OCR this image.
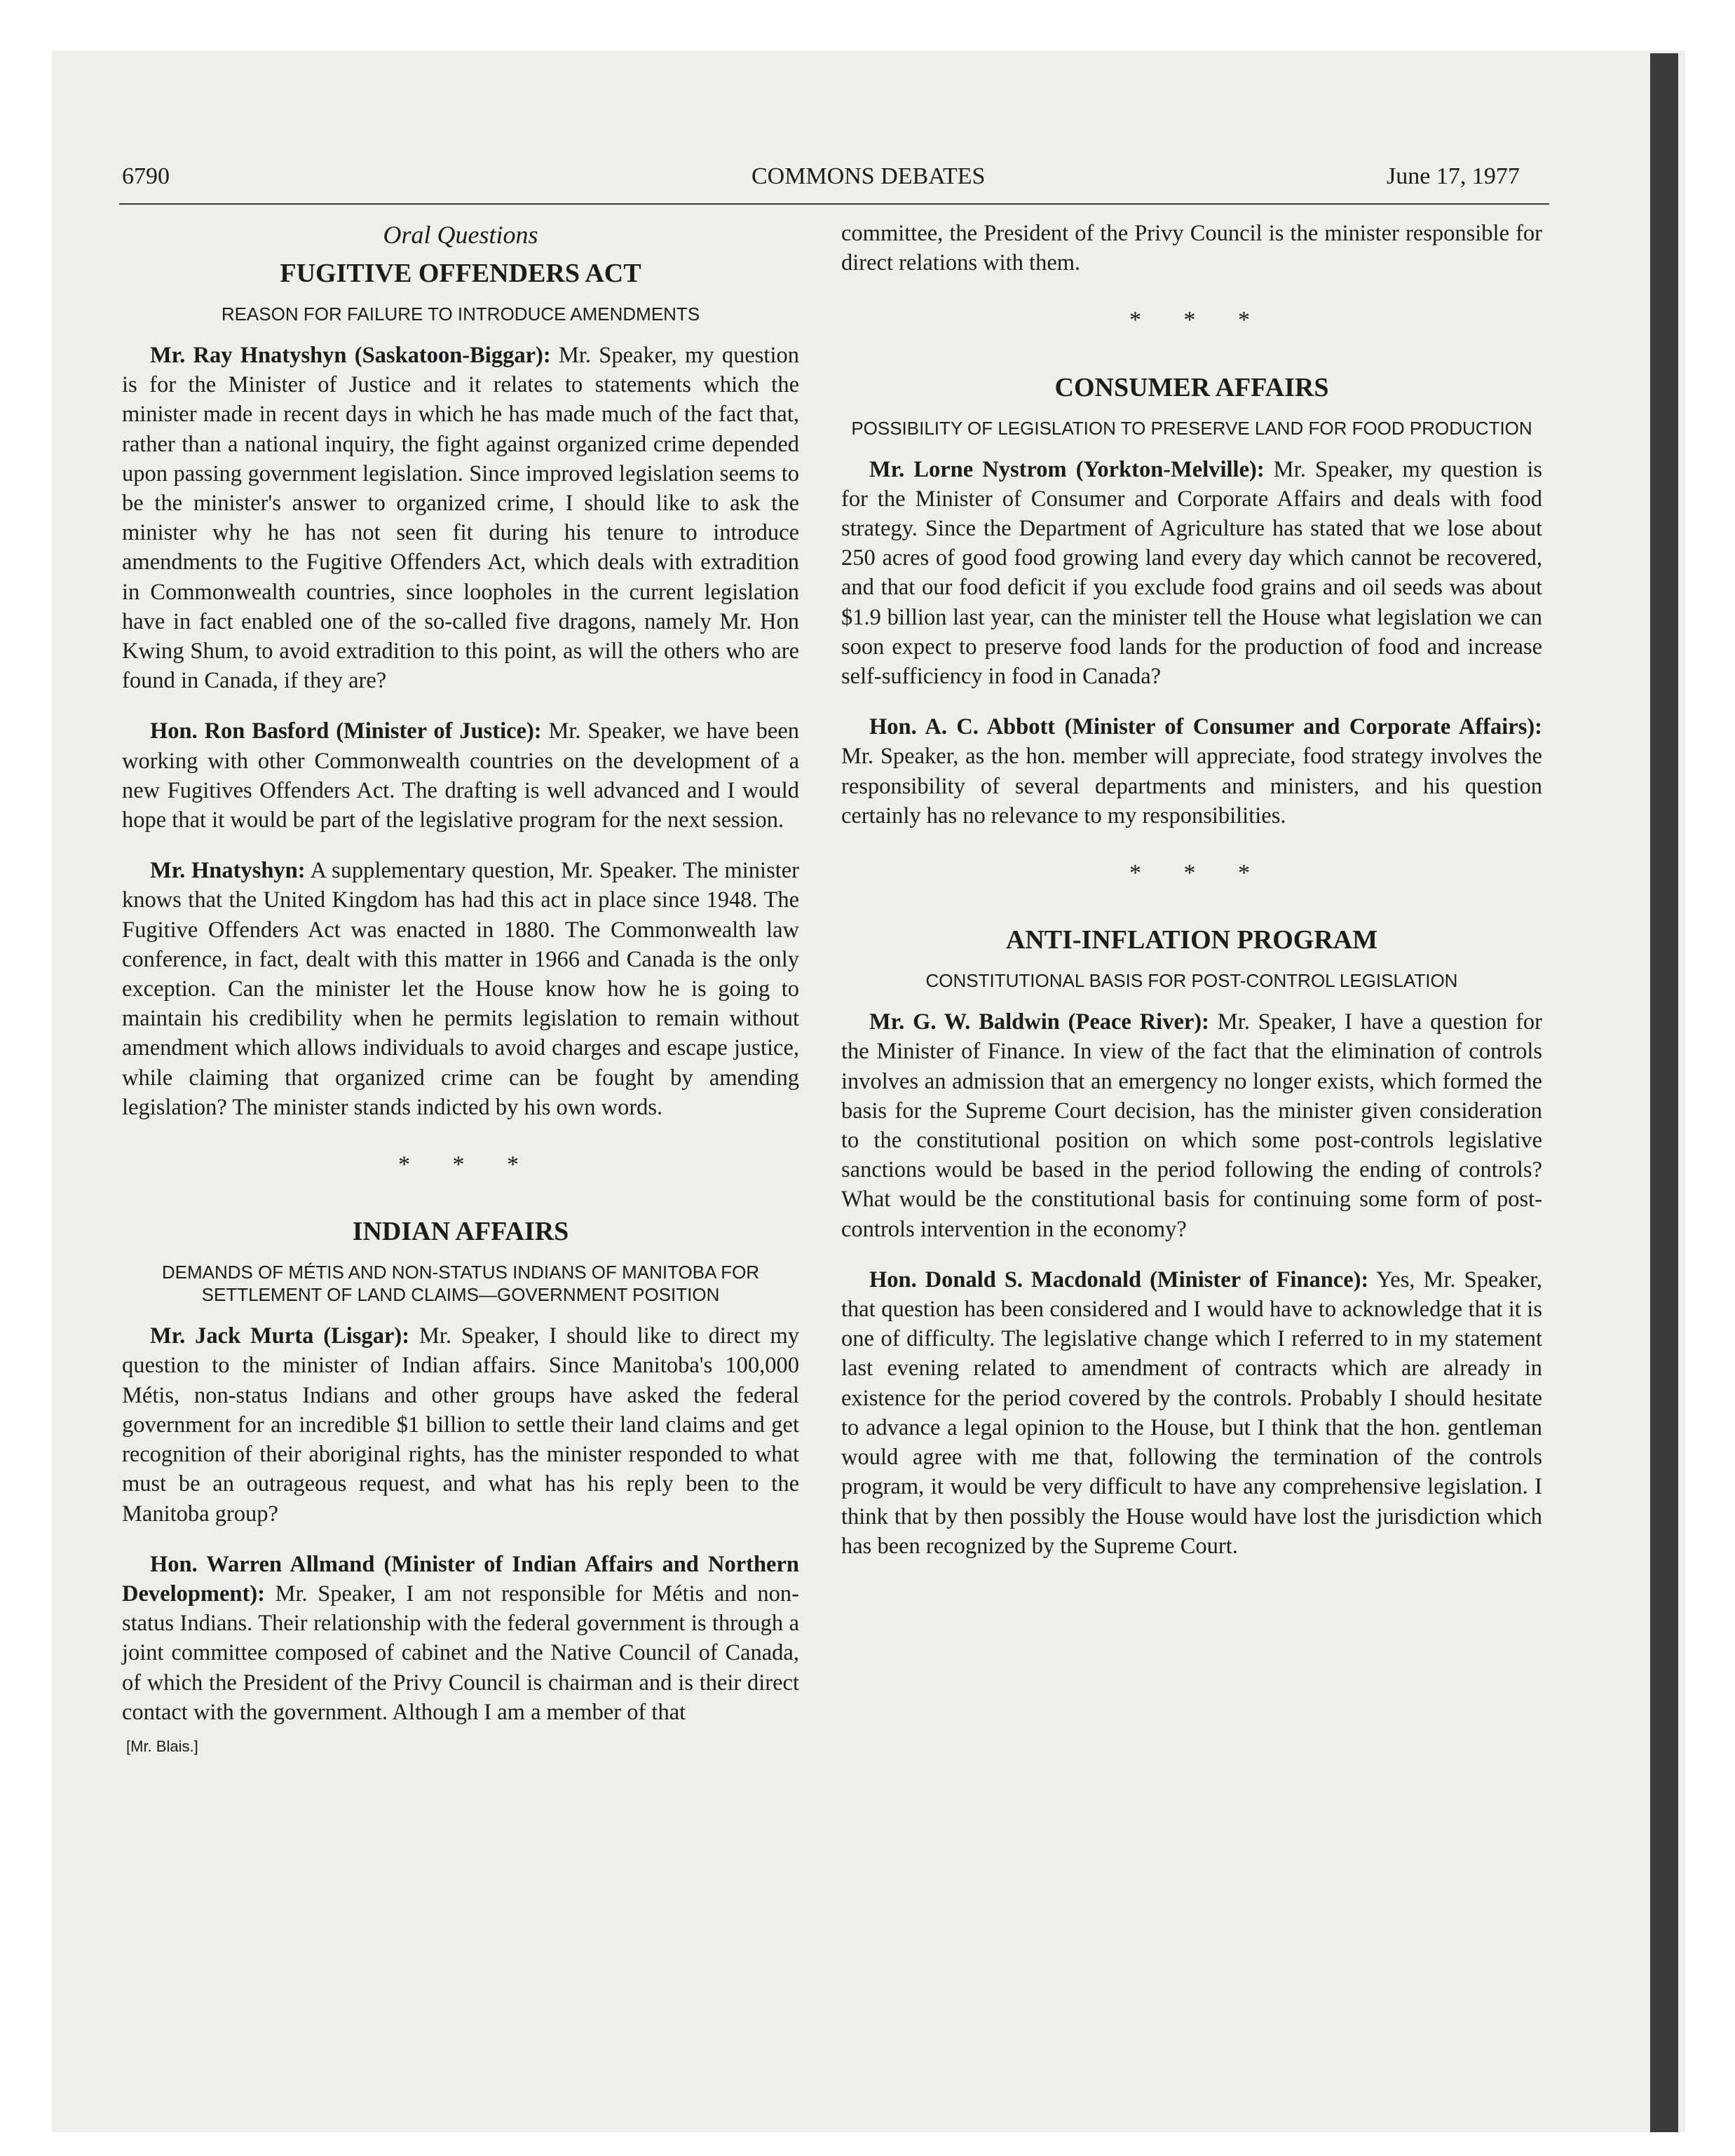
6790	COMMONS DEBATES	June 17, 1977
Oral Questions
FUGITIVE OFFENDERS ACT
REASON FOR FAILURE TO INTRODUCE AMENDMENTS

Mr. Ray Hnatyshyn (Saskatoon-Biggar): Mr. Speaker, my question is for the Minister of Justice and it relates to statements which the minister made in recent days in which he has made much of the fact that, rather than a national inquiry, the fight against organized crime depended upon passing government legislation. Since improved legislation seems to be the minister's answer to organized crime, I should like to ask the minister why he has not seen fit during his tenure to introduce amendments to the Fugitive Offenders Act, which deals with extradition in Commonwealth countries, since loopholes in the current legislation have in fact enabled one of the so-called five dragons, namely Mr. Hon Kwing Shum, to avoid extradition to this point, as will the others who are found in Canada, if they are?

Hon. Ron Basford (Minister of Justice): Mr. Speaker, we have been working with other Commonwealth countries on the development of a new Fugitives Offenders Act. The drafting is well advanced and I would hope that it would be part of the legislative program for the next session.

Mr. Hnatyshyn: A supplementary question, Mr. Speaker. The minister knows that the United Kingdom has had this act in place since 1948. The Fugitive Offenders Act was enacted in 1880. The Commonwealth law conference, in fact, dealt with this matter in 1966 and Canada is the only exception. Can the minister let the House know how he is going to maintain his credibility when he permits legislation to remain without amendment which allows individuals to avoid charges and escape justice, while claiming that organized crime can be fought by amending legislation? The minister stands indicted by his own words.

* * *
INDIAN AFFAIRS
DEMANDS OF MÉTIS AND NON-STATUS INDIANS OF MANITOBA FOR SETTLEMENT OF LAND CLAIMS—GOVERNMENT POSITION

Mr. Jack Murta (Lisgar): Mr. Speaker, I should like to direct my question to the minister of Indian affairs. Since Manitoba's 100,000 Métis, non-status Indians and other groups have asked the federal government for an incredible $1 billion to settle their land claims and get recognition of their aboriginal rights, has the minister responded to what must be an outrageous request, and what has his reply been to the Manitoba group?

Hon. Warren Allmand (Minister of Indian Affairs and Northern Development): Mr. Speaker, I am not responsible for Métis and non-status Indians. Their relationship with the federal government is through a joint committee composed of cabinet and the Native Council of Canada, of which the President of the Privy Council is chairman and is their direct contact with the government. Although I am a member of that

[Mr. Blais.]

committee, the President of the Privy Council is the minister responsible for direct relations with them.

* * *
CONSUMER AFFAIRS
POSSIBILITY OF LEGISLATION TO PRESERVE LAND FOR FOOD PRODUCTION

Mr. Lorne Nystrom (Yorkton-Melville): Mr. Speaker, my question is for the Minister of Consumer and Corporate Affairs and deals with food strategy. Since the Department of Agriculture has stated that we lose about 250 acres of good food growing land every day which cannot be recovered, and that our food deficit if you exclude food grains and oil seeds was about $1.9 billion last year, can the minister tell the House what legislation we can soon expect to preserve food lands for the production of food and increase self-sufficiency in food in Canada?

Hon. A. C. Abbott (Minister of Consumer and Corporate Affairs): Mr. Speaker, as the hon. member will appreciate, food strategy involves the responsibility of several departments and ministers, and his question certainly has no relevance to my responsibilities.

* * *
ANTI-INFLATION PROGRAM
CONSTITUTIONAL BASIS FOR POST-CONTROL LEGISLATION

Mr. G. W. Baldwin (Peace River): Mr. Speaker, I have a question for the Minister of Finance. In view of the fact that the elimination of controls involves an admission that an emergency no longer exists, which formed the basis for the Supreme Court decision, has the minister given consideration to the constitutional position on which some post-controls legislative sanctions would be based in the period following the ending of controls? What would be the constitutional basis for continuing some form of post-controls intervention in the economy?

Hon. Donald S. Macdonald (Minister of Finance): Yes, Mr. Speaker, that question has been considered and I would have to acknowledge that it is one of difficulty. The legislative change which I referred to in my statement last evening related to amendment of contracts which are already in existence for the period covered by the controls. Probably I should hesitate to advance a legal opinion to the House, but I think that the hon. gentleman would agree with me that, following the termination of the controls program, it would be very difficult to have any comprehensive legislation. I think that by then possibly the House would have lost the jurisdiction which has been recognized by the Supreme Court.
